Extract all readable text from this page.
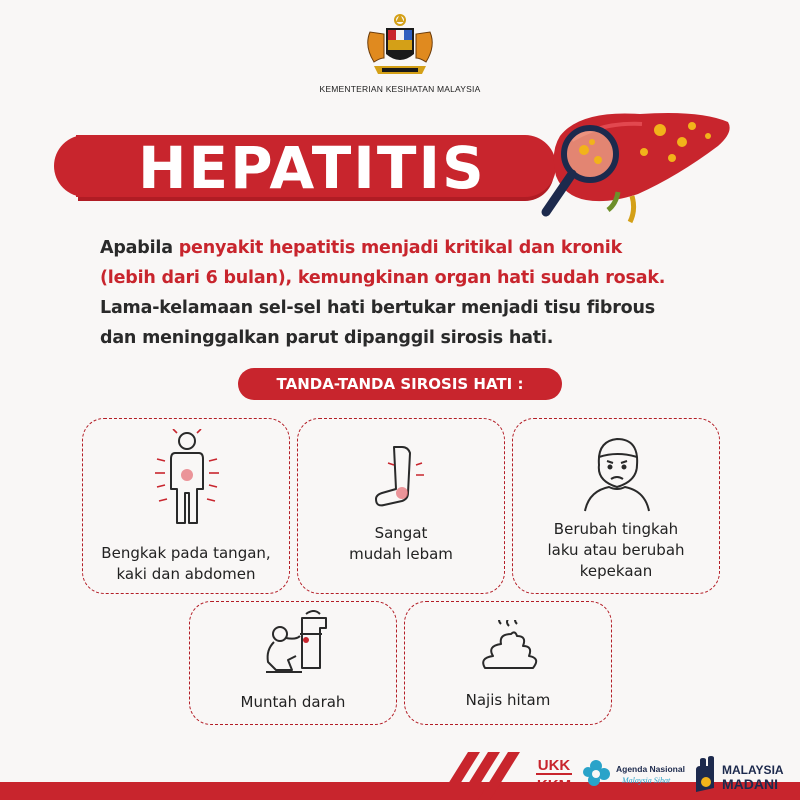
KEMENTERIAN KESIHATAN MALAYSIA
HEPATITIS
Apabila penyakit hepatitis menjadi kritikal dan kronik
(lebih dari 6 bulan), kemungkinan organ hati sudah rosak.
Lama-kelamaan sel-sel hati bertukar menjadi tisu fibrous
dan meninggalkan parut dipanggil sirosis hati.
TANDA-TANDA SIROSIS HATI :
Bengkak pada tangan,
kaki dan abdomen
Sangat
mudah lebam
Berubah tingkah
laku atau berubah
kepekaan
Muntah darah	Najis hitam
UKK
KKM
Agenda Nasional
Malaysia Sihat
MALAYSIA
MADANI
